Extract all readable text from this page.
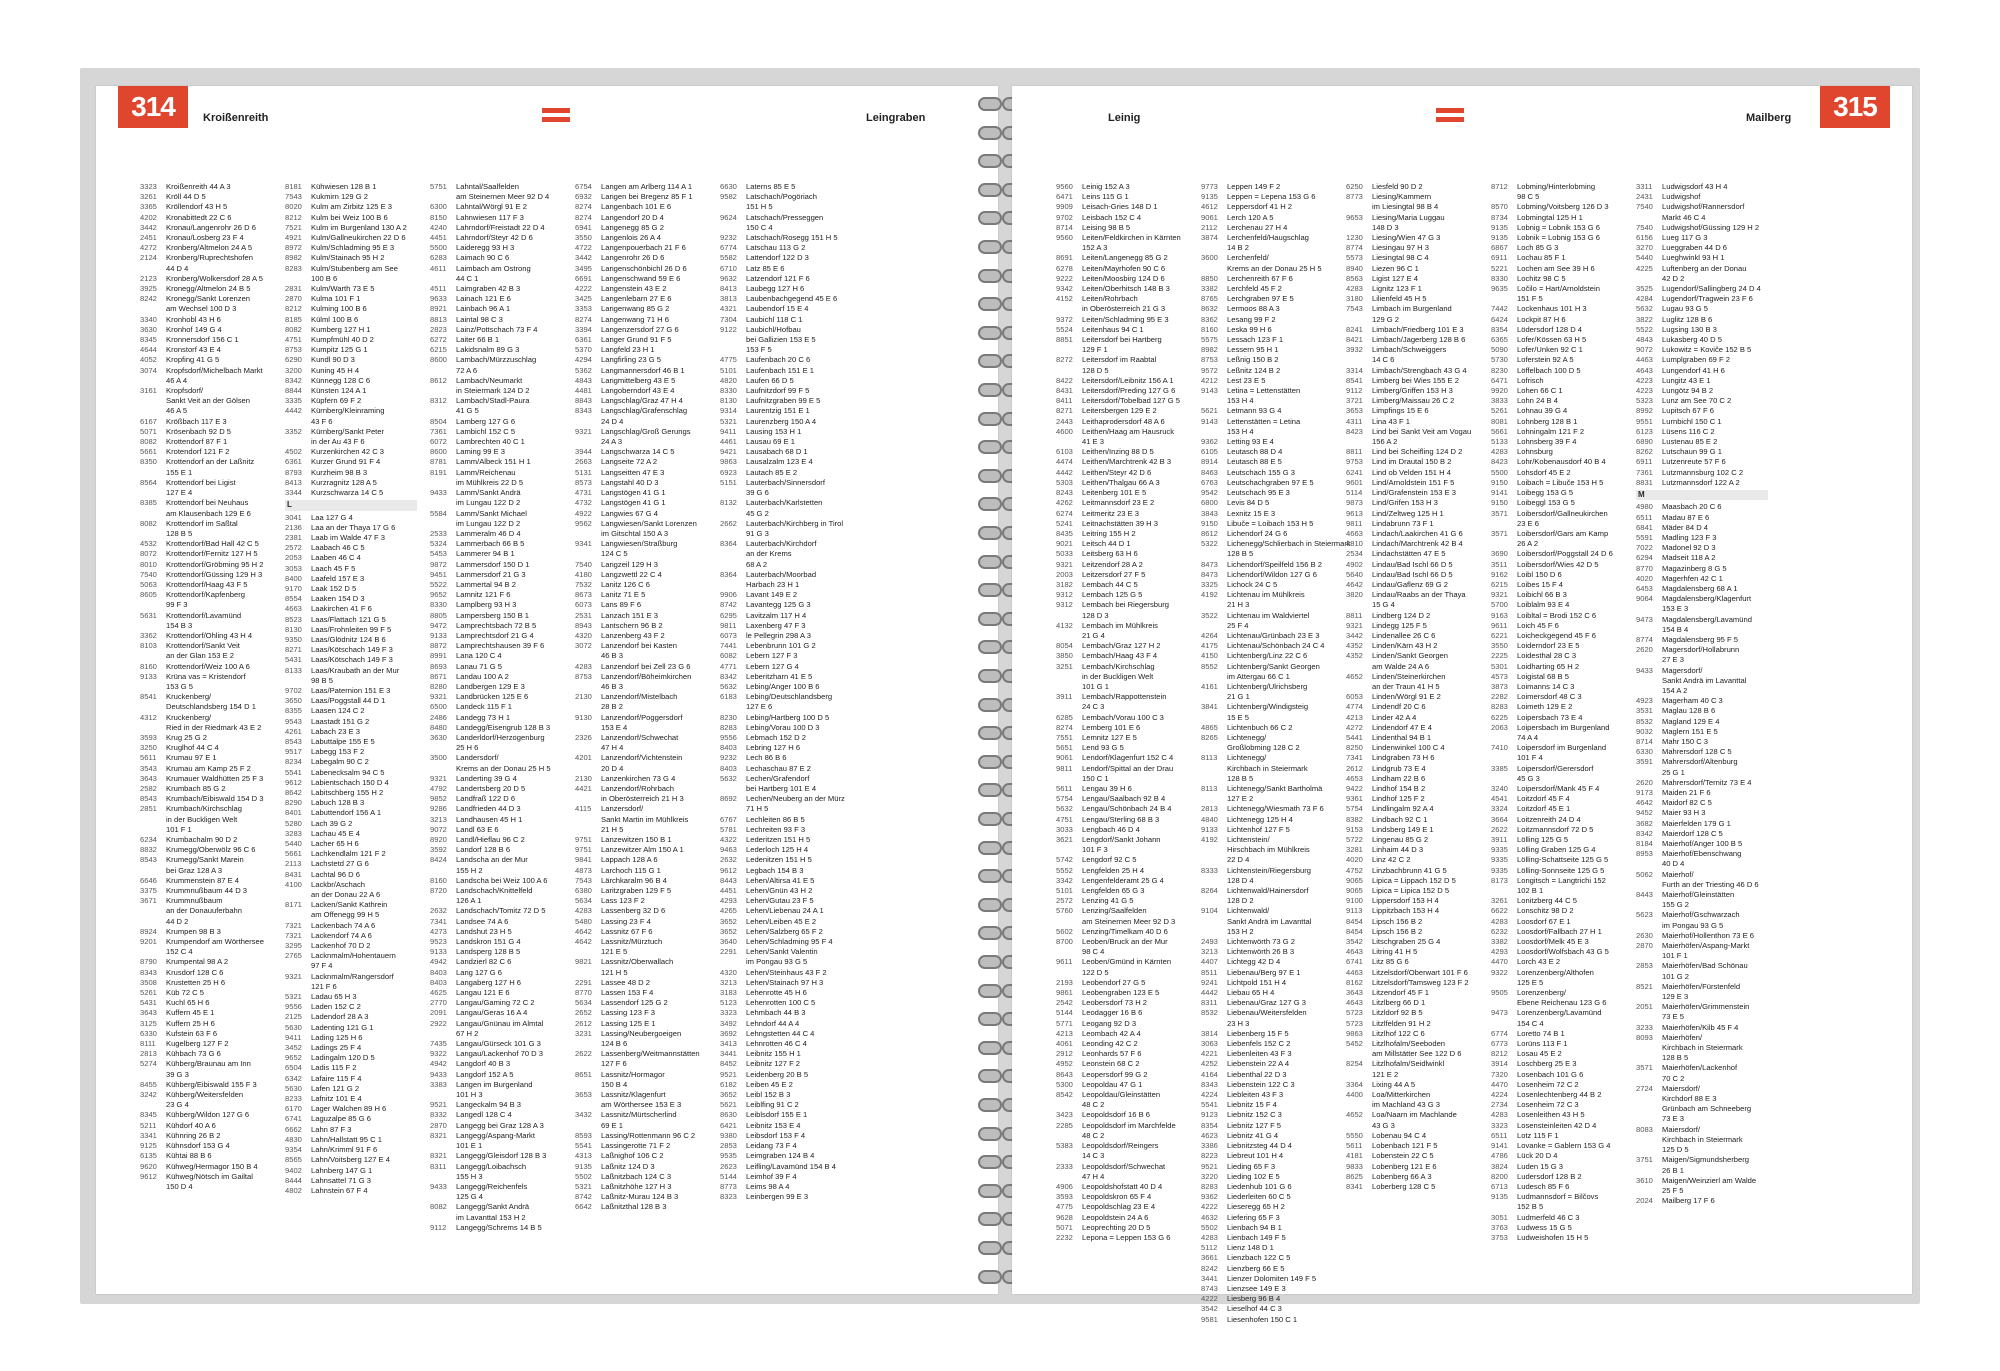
314	Kroißenreith	Leingraben
3323 Kroißenreith 44 A 3
3261 Kröll 44 D 5
3365 Kröllendorf 43 H 5
4202 Kronabittedt 22 C 6
3442 Kronau/Langenrohr 26 D 6
2451 Kronau/Losberg 23 F 4
4272 Kronberg/Altmelon 24 A 5
2124 Kronberg/Ruprechtshofen
44 D 4
2123 Kronberg/Wolkersdorf 28 A 5
3925 Kronegg/Altmelon 24 B 5
8242 Kronegg/Sankt Lorenzen
am Wechsel 100 D 3
3340 Kronhobl 43 H 6
3630 Kronhof 149 G 4
8345 Kronnersdorf 156 C 1
4644 Kronstorf 43 E 4
4052 Kropfing 41 G 5
3074 Kropfsdorf/Michelbach Markt
46 A 4
3161 Kropfsdorf/
Sankt Veit an der Gölsen
46 A 5
6167 Krößbach 117 E 3
5071 Krösenbach 92 D 5
8082 Krottendorf 87 F 1
5661 Krotendorf 121 F 2
8350 Krottendorf an der Laßnitz
155 E 1
8564 Krottendorf bei Ligist
127 E 4
8385 Krottendorf bei Neuhaus
am Klausenbach 129 E 6
8082 Krottendorf im Saßtal
128 B 5
4532 Krottendorf/Bad Hall 42 C 5
8072 Krottendorf/Fernitz 127 H 5
8010 Krottendorf/Gröbming 95 H 2
7540 Krottendorf/Güssing 129 H 3
5063 Krottendorf/Haag 43 F 5
8605 Krottendorf/Kapfenberg
99 F 3
5631 Krottendorf/Lavamünd
154 B 3
3362 Krottendorf/Ohling 43 H 4
8103 Krottendorf/Sankt Veit
an der Glan 153 E 2
8160 Krottendorf/Weiz 100 A 6
9133 Krüna vas = Kristendorf
153 G 5
8541 Kruckenberg/
Deutschlandsberg 154 D 1
4312 Kruckenberg/
Ried in der Riedmark 43 E 2
3593 Krug 25 G 2
3250 Kruglhof 44 C 4
5611 Krumau 97 E 1
3543 Krumau am Kamp 25 F 2
3643 Krumauer Waldhütten 25 F 3
2582 Krumbach 85 G 2
8543 Krumbach/Eibiswald 154 D 3
2851 Krumbach/Kirchschlag
in der Buckligen Welt
101 F 1
6234 Krumbachalm 90 D 2
8832 Krumegg/Oberwölz 96 C 6
8543 Krumegg/Sankt Marein
bei Graz 128 A 3
6646 Krummenstein 87 E 4
3375 Krummnußbaum 44 D 3
3671 Krummnußbaum
an der Donauuferbahn
44 D 2
8924 Krumpen 98 B 3
9201 Krumpendorf am Wörthersee
152 C 4
8790 Krumpental 98 A 2
8343 Krusdorf 128 C 6
3508 Krustetten 25 H 6
5261 Küb 72 C 5
5431 Kuchl 65 H 6
3643 Kuffern 45 E 1
3125 Kuffern 25 H 6
6330 Kufstein 63 F 6
8111 Kugelberg 127 F 2
2813 Kühbach 73 G 6
5274 Kühberg/Braunau am Inn
39 G 3
8455 Kühberg/Eibiswald 155 F 3
3242 Kühberg/Weitersfelden
23 G 4
8345 Kühberg/Wildon 127 G 6
5211 Kühdorf 40 A 6
3341 Kühnring 26 B 2
9125 Kühnsdorf 153 G 4
6135 Kühtai 88 B 6
9620 Kühweg/Hermagor 150 B 4
9612 Kühweg/Nötsch im Gailtal
150 D 4
8181 Kühwiesen 128 B 1
7543 Kukmirn 129 G 2
8020 Kulm am Zirbitz 125 E 3
8212 Kulm bei Weiz 100 B 6
7521 Kulm im Burgenland 130 A 2
4921 Kulm/Gallneukirchen 22 D 6
8972 Kulm/Schladming 95 E 3
8982 Kulm/Stainach 95 H 2
8283 Kulm/Stubenberg am See
100 B 6
2831 Kulm/Warth 73 E 5
2870 Kulma 101 F 1
8212 Kulming 100 B 6
8185 Külml 100 B 6
8082 Kumberg 127 H 1
4751 Kumpfmühl 40 D 2
8753 Kumpitz 125 G 1
6290 Kundl 90 D 3
3200 Kuning 45 H 4
8342 Künnegg 128 C 6
8844 Künsten 124 A 1
3335 Küpfern 69 F 2
4442 Kürnberg/Kleinraming
43 F 6
3352 Kürnberg/Sankt Peter
in der Au 43 F 6
4502 Kurzenkirchen 42 C 3
6361 Kurzer Grund 91 F 4
8793 Kurzheim 98 B 3
8413 Kurzragnitz 128 A 5
3344 Kurzschwarza 14 C 5
L
3041 Laa 127 G 4
2136 Laa an der Thaya 17 G 6
2381 Laab im Walde 47 F 3
2572 Laabach 46 C 5
2053 Laaben 46 C 4
3053 Laach 45 F 5
8400 Laafeld 157 E 3
9170 Laak 152 D 5
8554 Laaken 154 D 3
4663 Laakirchen 41 F 6
8523 Laas/Flattach 121 G 5
8130 Laas/Frohnleiten 99 F 5
9350 Laas/Glödnitz 124 B 6
8271 Laas/Kötschach 149 F 3
5431 Laas/Kötschach 149 F 3
8133 Laas/Kraubath an der Mur
98 B 5
9702 Laas/Paternion 151 E 3
3650 Laas/Poggstall 44 D 1
8355 Laasen 124 C 2
9543 Laastadt 151 G 2
4261 Labach 23 E 3
8543 Labuttalpe 155 E 5
9517 Labegg 153 F 2
8234 Labegalm 90 C 2
5541 Labenecksalm 94 C 5
9612 Labientschach 150 D 4
8642 Labitschberg 155 H 2
8290 Labuch 128 B 3
8401 Labuttendorf 156 A 1
5280 Lach 39 G 2
3283 Lachau 45 E 4
5440 Lacher 65 H 6
5661 Lachkendlalm 121 F 2
2113 Lachstetd 27 G 6
8431 Lachtal 96 D 6
4100 Lackbr/Aschach
an der Donau 22 A 6
8171 Lacken/Sankt Kathrein
am Offenegg 99 H 5
7321 Lackenbach 74 A 6
7321 Lackendorf 74 A 6
3295 Lackenhof 70 D 2
2765 Lacknmalm/Hohentauern
97 F 4
9321 Lacknmalm/Rangersdorf
121 F 6
5321 Ladau 65 H 3
9556 Laden 152 C 2
2125 Ladendorf 28 A 3
5630 Ladenting 121 G 1
9411 Lading 125 H 6
3452 Ladings 25 F 4
9652 Ladingalm 120 D 5
6504 Ladis 115 F 2
6342 Lafaire 115 F 4
5630 Lafen 121 G 2
8233 Lafnitz 101 E 4
6170 Lager Walchen 89 H 6
6741 Laguzalpe 85 G 6
6662 Lahn 87 F 3
4830 Lahn/Hallstatt 95 C 1
9354 Lahn/Krimml 91 F 6
8565 Lahn/Voitsberg 127 E 4
9402 Lahnberg 147 G 1
8444 Lahnsattel 71 G 3
4802 Lahnstein 67 F 4
5751 Lahntal/Saalfelden
am Steinernen Meer 92 D 4
6300 Lahntal/Wörgl 91 E 2
8150 Lahnwiesen 117 F 3
4240 Lahrndorf/Freistadt 22 D 4
4451 Lahrndorf/Steyr 42 D 6
5500 Laideregg 93 H 3
6283 Laimach 90 C 6
4611 Laimbach am Ostrong
44 C 1
4511 Laimgraben 42 B 3
9633 Lainach 121 E 6
8921 Lainbach 96 A 1
8813 Laintal 98 C 3
2823 Lainz/Pottschach 73 F 4
6272 Laiter 66 B 1
6215 Lakidsnalm 89 G 3
8600 Lambach/Mürzzuschlag
72 A 6
8612 Lambach/Neumarkt
in Steiermark 124 D 2
8312 Lambach/Stadl-Paura
41 G 5
8504 Lamberg 127 G 6
7361 Lambichl 152 C 5
6072 Lambrechten 40 C 1
8600 Laming 99 E 3
8781 Lamm/Albeck 151 H 1
8191 Lamm/Reichenau
im Mühlkreis 22 D 5
9433 Lamm/Sankt Andrä
im Lungau 122 D 2
5584 Lamm/Sankt Michael
im Lungau 122 D 2
2533 Lammeralm 46 D 4
5324 Lammerbach 66 B 5
5453 Lammerer 94 B 1
9872 Lammersdorf 150 D 1
9451 Lammersdorf 21 G 3
5522 Lammertal 94 B 2
9652 Lamnitz 121 F 6
8330 Lamplberg 93 H 3
8805 Lampersberg 150 B 1
9472 Lamprechtsbach 72 B 5
9133 Lamprechtsdorf 21 G 4
8872 Lamprechtshausen 39 F 6
8991 Lana 120 C 4
8693 Lanau 71 G 5
8671 Landau 100 A 2
8280 Landbergen 129 E 3
9321 Landbrücken 125 E 6
6500 Landeck 115 F 1
2486 Landegg 73 H 1
8480 Landegg/Eisengrub 128 B 3
3630 Landerldorf/Herzogenburg
25 H 6
3500 Landersdorf/
Krems an der Donau 25 H 5
9321 Landerting 39 G 4
4792 Landertsberg 20 D 5
9852 Landfraß 122 D 6
9286 Landfrieden 44 D 3
3213 Landhausen 45 H 1
9072 Landl 63 E 6
8920 Landl/Hieflau 96 C 2
3592 Landorf 128 B 6
8424 Landscha an der Mur
155 H 2
8160 Landscha bei Weiz 100 A 6
8720 Landschach/Knittelfeld
126 A 1
2632 Landschach/Tomitz 72 D 5
7341 Landsee 74 A 6
4273 Landshut 23 H 5
9523 Landskron 151 G 4
9133 Landsperg 128 B 5
4942 Landzierl 82 C 6
8403 Lang 127 G 6
8403 Langaberg 127 H 6
4625 Langau 121 E 6
2770 Langau/Gaming 72 C 2
2091 Langau/Geras 16 A 4
2922 Langau/Gnünau im Almtal
67 H 2
7435 Langau/Gürseck 101 G 3
9322 Langau/Lackenhof 70 D 3
4942 Langdorf 40 B 3
9433 Langdorf 152 A 5
3383 Langen im Burgenland
101 H 3
9521 Langeckalm 94 B 3
8332 Langedl 128 C 4
2870 Langegg bei Graz 128 A 3
8321 Langegg/Aspang-Markt
101 E 1
8321 Langegg/Gleisdorf 128 B 3
8311 Langegg/Loibachsch
155 H 3
9433 Langegg/Reichenfels
125 G 4
8082 Langegg/Sankt Andrä
im Lavanttal 153 H 2
9112 Langegg/Schrems 14 B 5
6754 Langen am Arlberg 114 A 1
6932 Langen bei Bregenz 85 F 1
8274 Langenbach 101 E 6
8274 Langendorf 20 D 4
6941 Langenegg 85 G 2
3550 Langenlois 26 A 4
4722 Langenpouerbach 21 F 6
3442 Langenrohr 26 D 6
3495 Langenschönbichl 26 D 6
6691 Langenschwand 59 E 6
4222 Langenstein 43 E 2
3425 Langenlebarn 27 E 6
3353 Langenwang 85 G 2
8274 Langenwang 71 H 6
3394 Langenzersdorf 27 G 6
6361 Langer Grund 91 F 5
5370 Langfeld 23 H 1
4294 Langfirling 23 G 5
5362 Langmannersdorf 46 B 1
4843 Langmittelberg 43 E 5
4481 Langoberndorf 43 E 4
8843 Langschlag/Graz 47 H 4
8343 Langschlag/Grafenschlag
24 D 4
9321 Langschlag/Groß Gerungs
24 A 3
3944 Langschwarza 14 C 5
2663 Langseite 72 A 2
5131 Langseitten 47 E 3
8573 Langstahl 40 D 3
4731 Langstögen 41 G 1
4732 Langstögen 41 G 1
4922 Langwies 67 G 4
9562 Langwiesen/Sankt Lorenzen
im Gitschtal 150 A 3
9341 Langwiesen/Straßburg
124 C 5
7540 Langzeil 129 H 3
4180 Langzwettl 22 C 4
7532 Lanitz 126 C 6
8673 Lanitz 71 E 5
6073 Lans 89 F 6
2531 Lanzach 151 E 3
8943 Lantschern 96 B 2
4320 Lanzenberg 43 F 2
3072 Lanzendorf bei Kasten
46 B 3
4283 Lanzendorf bei Zell 23 G 6
8753 Lanzendorf/Böheimkirchen
46 B 3
2130 Lanzendorf/Mistelbach
28 B 2
9130 Lanzendorf/Poggersdorf
153 E 4
2326 Lanzendorf/Schwechat
47 H 4
4201 Lanzendorf/Vichtenstein
20 D 4
2130 Lanzenkirchen 73 G 4
4421 Lanzendorf/Rohrbach
in Oberösterreich 21 H 3
4115 Lanzersdorf/
Sankt Martin im Mühlkreis
21 H 5
9751 Lanzewitzen 150 B 1
9751 Lanzewitzer Alm 150 A 1
9841 Lappach 128 A 6
4873 Larchoch 115 G 1
7543 Lärchkaralm 96 B 4
6380 Laritzgraben 129 F 5
5634 Lass 123 F 2
4283 Lassenberg 32 D 6
5480 Lassing 23 F 4
4642 Lassnitz 67 F 6
4642 Lassnitz/Mürztuch
121 E 5
9821 Lassnitz/Oberwallach
121 H 5
2291 Lassee 48 D 2
8770 Lassen 153 F 4
5634 Lassendorf 125 G 2
2652 Lassing 123 F 3
2612 Lassing 125 E 1
3231 Lassing/Neubergoeigen
124 B 6
2622 Lassenberg/Weitmannstätten
127 F 6
8651 Lassnitz/Hormagor
150 B 4
3653 Lassnitz/Klagenfurt
am Wörthersee 153 E 3
3432 Lassnitz/Mürtscherlind
69 E 1
8593 Lassing/Rottenmann 96 C 2
5541 Lassingerotte 71 F 2
4313 Laßnighof 106 C 2
9135 Laßnitz 124 D 3
5502 Laßnitzbach 124 C 3
5321 Laßnitzhöhe 127 H 3
8742 Laßnitz-Murau 124 B 3
6642 Laßnitzthal 128 B 3
6630 Laterns 85 E 5
9582 Latschach/Pogöriach
151 H 5
9624 Latschach/Presseggen
150 C 4
9232 Latschach/Rosegg 151 H 5
6774 Latschau 113 G 2
5582 Lattendorf 122 D 3
6710 Latz 85 E 6
9632 Latzendorf 121 F 6
8413 Laubegg 127 H 6
3813 Laubenbachgegend 45 E 6
4321 Laubendorf 15 E 4
7304 Laubichl 118 C 1
9122 Laubichl/Hofbau
bei Gallizien 153 E 5
153 F 5
4775 Laufenbach 20 C 6
5101 Laufenbach 151 E 1
4820 Laufen 66 D 5
8330 Laufnitzdorf 99 F 5
8130 Laufnitzgraben 99 E 5
9314 Laurentzig 151 E 1
5321 Laurenzberg 150 A 4
9411 Lausing 153 H 1
4461 Lausau 69 E 1
9421 Lausabach 68 D 1
9863 Lausalzalm 123 E 4
6923 Lautach 85 E 2
5151 Lauterbach/Sinnersdorf
39 G 6
8132 Lauterbach/Karlstetten
45 G 2
2662 Lauterbach/Kirchberg in Tirol
91 G 3
8364 Lauterbach/Kirchdorf
an der Krems
68 A 2
8364 Lauterbach/Moorbad
Harbach 23 H 1
9906 Lavant 149 E 2
8742 Lavantegg 125 G 3
6295 Lavitzalm 117 H 4
9811 Laxenberg 47 F 3
6073 le Pellegrin 298 A 3
7441 Lebenbrunn 101 G 2
6082 Lebern 127 F 3
4771 Lebern 127 G 4
8342 Leberitzharn 41 E 5
5632 Lebing/Anger 100 B 6
6183 Lebing/Deutschlandsberg
127 E 6
8230 Lebing/Hartberg 100 D 5
8283 Lebing/Vorau 100 D 3
9556 Lebmach 152 D 2
8403 Lebring 127 H 6
9232 Lech 86 B 6
8403 Lechaschau 87 E 2
5632 Lechen/Grafendorf
bei Hartberg 101 E 4
8692 Lechen/Neuberg an der Mürz
71 H 5
6767 Lechleiten 86 B 5
5781 Lechreiten 93 F 3
4322 Lederitzen 151 H 5
9463 Lederloch 125 H 4
2632 Ledenitzen 151 H 5
9612 Legbach 154 B 3
8443 Lehen/Altirsa 41 E 5
4451 Lehen/Gnün 43 H 2
4293 Lehen/Gutau 23 F 5
4265 Lehen/Liebenau 24 A 1
3652 Lehen/Leiben 45 E 2
3652 Lehen/Salzberg 65 F 2
3640 Lehen/Schladming 95 F 4
2291 Lehen/Sankt Valentin
im Pongau 93 G 5
4320 Lehen/Steinhaus 43 F 2
3213 Lehen/Stainach 97 H 3
3183 Lehenrotte 45 H 6
5123 Lehenrotten 100 C 5
3323 Lehmbach 44 B 3
3492 Lehndorf 44 A 4
3692 Lehngstetten 44 C 4
3413 Lehnrotten 46 C 4
3441 Leibnitz 155 H 1
8452 Leibnitz 127 F 2
9521 Leidenberg 20 B 5
6182 Leiben 45 E 2
3652 Leibl 152 B 3
5621 Leiblfing 91 C 2
8630 Leiblsdorf 155 E 1
6421 Leibnitz 153 E 4
9380 Leibsdorf 153 F 4
2853 Leidang 73 F 4
9535 Leimgraben 124 B 4
2623 Leifling/Lavamünd 154 B 4
5144 Leimhof 39 F 4
8773 Leims 98 A 4
8323 Leinbergen 99 E 3
Leinig	Mailberg	315
9560 Leinig 152 A 3
6471 Leins 115 G 1
9909 Leisach-Gries 148 D 1
9702 Leisbach 152 C 4
8714 Leising 98 B 5
9560 Leiten/Feldkirchen in Kärnten
152 A 3
8691 Leiten/Langenegg 85 G 2
6278 Leiten/Mayrhofen 90 C 6
9222 Leiten/Moosbirg 124 D 6
9342 Leiten/Oberhitsch 148 B 3
4152 Leiten/Rohrbach
in Oberösterreich 21 G 3
9372 Leiten/Schladming 95 E 3
5524 Leitenhaus 94 C 1
8851 Leitersdorf bei Hartberg
129 F 1
8272 Leitersdorf im Raabtal
128 D 5
8422 Leitersdorf/Leibnitz 156 A 1
8431 Leitersdorf/Preding 127 G 6
8411 Leitersdorf/Tobelbad 127 G 5
8271 Leitersbergen 129 E 2
2443 Leithaprodersdorf 48 A 6
4600 Leithen/Haag am Hausruck
41 E 3
6103 Leithen/Inzing 88 D 5
4474 Leithen/Marchtrenk 42 B 3
4442 Leithen/Steyr 42 D 6
5303 Leithen/Thalgau 66 A 3
8243 Leitenberg 101 E 5
4262 Leitmannsdorf 23 E 2
6274 Leitmeritz 23 E 3
5241 Leitnachstätten 39 H 3
8435 Leitring 155 H 2
9021 Leitsch 44 D 1
5033 Leitsberg 63 H 6
9321 Leitzendorf 28 A 2
2003 Leitzersdorf 27 F 5
3182 Lembach 44 C 5
9312 Lembach 125 G 5
9312 Lembach bei Riegersburg
128 D 3
4132 Lembach im Mühlkreis
21 G 4
8054 Lembach/Graz 127 H 2
3850 Lembach/Haag 43 F 4
3251 Lembach/Kirchschlag
in der Buckligen Welt
101 G 1
3911 Lembach/Rappottenstein
24 C 3
6285 Lembach/Vorau 100 C 3
8274 Lemberg 101 E 6
7551 Lemnitz 127 E 5
5651 Lend 93 G 5
9061 Lendorf/Klagenfurt 152 C 4
9811 Lendorf/Spittal an der Drau
150 C 1
5611 Lengau 39 H 6
5754 Lengau/Saalbach 92 B 4
5632 Lengau/Schönbach 24 B 4
4751 Lengau/Sterling 68 B 3
3033 Lengbach 46 D 4
3621 Lengdorf/Sankt Johann
101 F 3
5742 Lengdorf 92 C 5
5552 Lengfelden 25 H 4
3342 Lengenfelderamt 25 G 4
5101 Lengfelden 65 G 3
2572 Lenzing 41 G 5
5760 Lenzing/Saalfelden
am Steinernen Meer 92 D 3
5602 Lenzing/Timelkam 40 D 6
8700 Leoben/Bruck an der Mur
98 C 4
9611 Leoben/Gmünd in Kärnten
122 D 5
2193 Leobendorf 27 G 5
9861 Leobengraben 123 E 5
2542 Leobersdorf 73 H 2
5144 Leodagger 16 B 6
5771 Leogang 92 D 3
4213 Leombach 42 A 4
4061 Leonding 42 C 2
2912 Leonhards 57 F 6
4952 Leonstein 68 C 2
8643 Leopersdorf 99 G 2
5300 Leopoldau 47 G 1
8542 Leopoldau/Gleinstätten
48 C 2
3423 Leopoldsdorf 16 B 6
2285 Leopoldsdorf im Marchfelde
48 C 2
5383 Leopoldsdorf/Reingers
14 C 3
2333 Leopoldsdorf/Schwechat
47 H 4
4906 Leopoldshofstatt 40 D 4
3593 Leopoldskron 65 F 4
4775 Leopoldschlag 23 E 4
9628 Leopoldstein 24 A 6
5071 Leoprechting 20 D 5
2232 Lepona = Leppen 153 G 6
9773 Leppen 149 F 2
9135 Leppen = Lepena 153 G 6
4612 Leppersdorf 41 H 2
9061 Lerch 120 A 5
2112 Lerchenau 27 H 4
3874 Lerchenfeld/Haugschlag
14 B 2
3600 Lerchenfeld/
Krems an der Donau 25 H 5
8850 Lerchenreith 67 F 6
3382 Lerchfeld 45 F 2
8765 Lerchgraben 97 E 5
8632 Lermoos 88 A 3
8362 Lesang 99 F 2
8160 Leska 99 H 6
5575 Lessach 123 F 1
8982 Lessern 95 H 1
8753 Leßnig 150 B 2
9572 Leßnitz 124 B 2
4212 Lest 23 E 5
9143 Letina = Lettenstätten
153 H 4
5621 Letmann 93 G 4
9143 Lettenstätten = Letina
153 H 4
9362 Letting 93 E 4
6105 Leutasch 88 D 4
8914 Leutasch 88 E 5
8463 Leutschach 155 G 3
6763 Leutschachgraben 97 E 5
9542 Leutschach 95 E 3
6800 Levis 84 D 5
3843 Lexnitz 15 E 3
9150 Libuče = Loibach 153 H 5
8612 Lichendorf 24 G 6
5322 Lichenegg/Schlierbach in Steiermark
128 B 5
8473 Lichendorf/Speilfeld 156 B 2
8473 Lichendorf/Wildon 127 G 6
3325 Lichock 24 C 5
4192 Lichtenau im Mühlkreis
21 H 3
3522 Lichtenau im Waldviertel
25 F 4
4264 Lichtenau/Grünbach 23 E 3
4175 Lichtenau/Schönbach 24 C 4
4150 Lichtenberg/Linz 22 C 6
8552 Lichtenberg/Sankt Georgen
im Attergau 66 C 1
4161 Lichtenberg/Ulrichsberg
21 G 1
3841 Lichtenberg/Windigsteig
15 E 5
4865 Lichtenbuch 66 C 2
8265 Lichtenegg/
Großlobming 128 C 2
8113 Lichtenegg/
Kirchbach in Steiermark
128 B 5
8113 Lichtenegg/Sankt Bartholmä
127 E 2
2813 Lichtenegg/Wiesmath 73 F 6
4840 Lichtenegg 125 H 4
9133 Lichtenhof 127 F 5
4192 Lichtenstein/
Hirschbach im Mühlkreis
22 D 4
8333 Lichtenstein/Riegersburg
128 D 4
8264 Lichtenwald/Hainersdorf
128 D 2
9104 Lichtenwald/
Sankt Andrä im Lavanttal
153 H 2
2493 Lichtenwörth 73 G 2
3213 Lichtenwörth 26 B 3
4407 Lichtegg 42 D 4
8511 Liebenau/Berg 97 E 1
9241 Lichtpold 151 H 4
4442 Liebau 65 H 4
8311 Liebenau/Graz 127 G 3
8532 Liebenau/Weitersfelden
23 H 3
3814 Liebenberg 15 F 5
3063 Liebenfels 152 C 2
4221 Liebenleiten 43 F 3
4252 Liebenstein 22 A 4
4164 Liebenthal 22 D 3
8343 Liebenstein 122 C 3
4224 Liebleiten 43 F 3
5541 Liebnitz 15 F 4
9123 Liebnitz 152 C 3
8354 Liebnitz 127 F 5
4623 Liebnitz 41 G 4
3386 Liebnitzsteg 44 D 4
8223 Liebreut 101 H 4
9521 Lieding 65 F 3
3220 Lieding 102 E 5
8283 Liedenhub 101 G 6
9362 Liederleiten 60 C 5
4222 Lieseregg 65 H 2
4632 Liefering 65 F 3
5502 Lienbach 94 B 1
4283 Lienbach 149 F 5
5112 Lienz 148 D 1
3661 Lienzbach 122 C 5
8242 Lienzberg 66 E 5
3441 Lienzer Dolomiten 149 F 5
8743 Lienzsee 149 E 3
4222 Liesberg 96 B 4
3542 Lieselhof 44 C 3
9581 Liesenhofen 150 C 1
6250 Liesfeld 90 D 2
8773 Liesing/Kammern
im Liesingtal 98 B 4
9653 Liesing/Maria Luggau
148 D 3
1230 Liesing/Wien 47 G 3
8774 Liesingau 97 H 3
5573 Liesingtal 98 C 4
8940 Liezen 96 C 1
8563 Ligist 127 E 4
4283 Lignitz 123 F 1
3180 Lilienfeld 45 H 5
7543 Limbach im Burgenland
129 G 2
8241 Limbach/Friedberg 101 E 3
8421 Limbach/Jagerberg 128 B 6
3932 Limbach/Schweiggers
14 C 6
3314 Limbach/Strengbach 43 G 4
8541 Limberg bei Wies 155 E 2
9112 Limberg/Griffen 153 H 3
3721 Limberg/Maissau 26 C 2
3653 Limpfings 15 E 6
4311 Lina 43 F 1
8423 Lind bei Sankt Veit am Vogau
156 A 2
8811 Lind bei Scheifling 124 D 2
9753 Lind im Drautal 150 B 2
6241 Lind ob Velden 151 H 4
9601 Lind/Arnoldstein 151 F 5
5114 Lind/Grafenstein 153 E 3
9873 Lind/Grifen 153 H 3
9613 Lind/Zeltweg 125 H 1
9811 Lindabrunn 73 F 1
4663 Lindach/Laakirchen 41 G 6
4810 Lindach/Marchtrenk 42 B 4
2534 Lindachstätten 47 E 5
4902 Lindau/Bad Ischl 66 D 5
5640 Lindau/Bad Ischl 66 D 5
4642 Lindau/Gaflenz 69 G 2
3820 Lindau/Raabs an der Thaya
15 G 4
8811 Lindberg 124 D 2
9321 Lindegg 125 F 5
3442 Lindenallee 26 C 6
4352 Linden/Kärn 43 H 2
4352 Linden/Sankt Georgen
am Walde 24 A 6
4652 Linden/Steinerkirchen
an der Traun 41 H 5
6053 Linden/Wörgl 91 E 2
4774 Lindendf 20 C 6
4213 Linder 42 A 4
4272 Lindendorf 47 E 4
5441 Lindenthal 94 B 1
8250 Lindenwinkel 100 C 4
7341 Lindgraben 73 H 6
2612 Lindgrub 73 E 4
4653 Lindham 22 B 6
9422 Lindhof 154 B 2
9361 Lindhof 125 F 2
5754 Lindlingalm 92 A 4
8382 Lindbach 92 C 1
9153 Lindsberg 149 E 1
5722 Lingenau 85 G 2
3281 Linhaim 44 D 3
4020 Linz 42 C 2
4752 Linzbachbrunn 41 G 5
9065 Lipica = Lippach 152 D 5
9065 Lipica = Lipica 152 D 5
9100 Lippersdorf 153 H 4
9113 Lippitzbach 153 H 4
8454 Lipsch 156 B 2
8454 Lipsch 156 B 2
3542 Litschgraben 25 G 4
4643 Litring 41 H 5
6741 Litz 85 G 6
4463 Litzelsdorf/Oberwart 101 F 6
8162 Litzelsdorf/Tamsweg 123 F 2
3643 Litzendorf 45 F 1
4643 Litzlberg 66 D 1
5723 Litzldorf 92 B 5
5723 Litzlfelden 91 H 2
9863 Litzlhof 122 C 6
5452 Litzlhofalm/Seeboden
am Millstätter See 122 D 6
8254 Litzlhofalm/Seidlwinkl
121 E 2
3364 Lixing 44 A 5
4400 Loa/Mitterkirchen
im Machland 43 G 3
4652 Loa/Naarn im Machlande
43 G 3
5550 Lobenau 94 C 4
5611 Lobenbach 121 F 5
4181 Lobenstein 22 C 5
9833 Lobenberg 121 E 6
8625 Lobenberg 66 A 3
8341 Loberberg 128 C 5
8712 Lobming/Hinterlobming
98 C 5
8570 Lobming/Voitsberg 126 D 3
8734 Lobmingtal 125 H 1
9135 Lobnig = Lobnik 153 G 6
9135 Lobnik = Lobnig 153 G 6
6867 Loch 85 G 3
6911 Lochau 85 F 1
5221 Lochen am See 39 H 6
8330 Lochitz 98 C 5
9635 Ločilo = Hart/Arnoldstein
151 F 5
7442 Lockenhaus 101 H 3
6424 Lockpit 87 H 6
8354 Lödersdorf 128 D 4
6365 Lofer/Kössen 63 H 5
5090 Lofer/Unken 92 C 1
5730 Loferstein 92 A 5
8230 Löffelbach 100 D 5
6471 Lofrisch
9920 Lohen 66 C 1
3833 Lohn 24 B 4
5261 Lohnau 39 G 4
8081 Lohnberg 128 B 1
5661 Lohningalm 121 F 2
5133 Lohnsberg 39 F 4
4283 Lohnsburg
8423 Lohr/Kobenausdorf 40 B 4
5500 Lohsdorf 45 E 2
9150 Loibach = Libuče 153 H 5
9141 Loibegg 153 G 5
9150 Loibeggl 153 G 5
3571 Loibersdorf/Gallneukirchen
23 E 6
3571 Loibersdorf/Gars am Kamp
26 A 2
3690 Loibersdorf/Poggstall 24 D 6
3511 Loibersdorf/Wies 42 D 5
9162 Loibl 150 D 6
6215 Loibes 15 F 4
9321 Loibichl 66 B 3
5700 Loiblalm 93 E 4
9163 Loibltal = Brodi 152 C 6
9611 Loich 45 F 6
6221 Loicheckgegend 45 F 6
3550 Loiderndorf 23 E 5
2225 Loidesthal 28 C 3
5301 Loidharting 65 H 2
4573 Loigistal 68 B 5
3873 Loimanns 14 C 3
2282 Loimersdorf 48 C 3
8283 Loimeth 129 E 2
6225 Loipersbach 73 E 4
2063 Loipersbach im Burgenland
74 A 4
7410 Loipersdorf im Burgenland
101 F 4
3385 Loipersdorf/Gerersdorf
45 G 3
3240 Loipersdorf/Mank 45 F 4
4541 Loitzdorf 45 F 4
3324 Loitzdorf 45 E 1
3664 Loitzenreith 24 D 4
2622 Loitzmannsdorf 72 D 5
3911 Lölling 125 G 5
9335 Lölling Graben 125 G 4
9335 Lölling-Schattseite 125 G 5
9335 Lölling-Sonnseite 125 G 5
8173 Longitsch = Langtrichi 152
102 B 1
3261 Lonitzberg 44 C 5
6622 Lonschitz 98 D 2
4283 Loosdorf 67 E 1
6232 Loosdorf/Fallbach 27 H 1
3382 Loosdorf/Melk 45 E 3
4293 Loosdorf/Wolfsbach 43 G 5
4470 Lorch 43 E 2
9322 Lorenzenberg/Althofen
125 E 5
9505 Lorenzenberg/
Ebene Reichenau 123 G 6
9473 Lorenzenberg/Lavamünd
154 C 4
6774 Loretto 74 B 1
6773 Lorüns 113 F 1
8212 Losau 45 E 2
3914 Loschberg 25 E 3
7320 Losenbach 101 G 6
4470 Losenheim 72 C 2
4224 Losenlechtenberg 44 B 2
2734 Losenheim 72 C 3
4283 Losenleithen 43 H 5
3323 Losensteinleiten 42 D 4
6511 Lotz 115 F 1
9141 Lovanke = Gablern 153 G 4
4786 Lück 20 D 4
3824 Luden 15 G 3
8200 Ludersdorf 128 B 2
6713 Ludesch 85 F 6
9135 Ludmannsdorf = Bilčovs
152 B 5
3051 Ludmerfeld 46 C 3
3763 Ludwess 15 G 5
3753 Ludweishofen 15 H 5
3311 Ludwigsdorf 43 H 4
2431 Ludwigshof
7540 Ludwigshof/Rannersdorf
Markt 46 C 4
7540 Ludwigshof/Güssing 129 H 2
6156 Lueg 117 G 3
3270 Lueggraben 44 D 6
5440 Lueghwinkl 93 H 1
4225 Luftenberg an der Donau
42 D 2
3525 Lugendorf/Sallingberg 24 D 4
4284 Lugendorf/Tragwein 23 F 6
5632 Lugau 93 G 5
3822 Luglitz 128 B 6
5522 Lugsing 130 B 3
4843 Lukasberg 40 D 5
9072 Lukowitz = Koviče 152 B 5
4463 Lumplgraben 69 F 2
4643 Lungendorf 41 H 6
4223 Lungitz 43 E 1
4223 Lungötz 94 B 2
5323 Lunz am See 70 C 2
8992 Lupitsch 67 F 6
9551 Lurnbichl 150 C 1
6123 Lüsens 116 C 2
6890 Lustenau 85 E 2
8262 Lutschaun 99 G 1
6911 Lutzenreute 57 F 6
7361 Lutzmannsburg 102 C 2
8831 Lutzmannsdorf 122 A 2
M
4980 Maasbach 20 C 6
6511 Madau 87 E 6
6841 Mäder 84 D 4
5591 Madling 123 F 3
7022 Madonel 92 D 3
6294 Madseit 118 A 2
8770 Magazinberg 8 G 5
4020 Magerhfen 42 C 1
6453 Magdalensberg 68 A 1
9064 Magdalensberg/Klagenfurt
153 E 3
9473 Magdalensberg/Lavamünd
154 B 4
8774 Magdalensberg 95 F 5
2620 Magersdorf/Hollabrunn
27 E 3
9433 Magersdorf/
Sankt Andrä im Lavanttal
154 A 2
4923 Magerham 40 C 3
3531 Maglau 128 B 6
8532 Magland 129 E 4
9032 Maglern 151 E 5
8714 Mahr 150 C 3
6330 Mahrersdorf 128 C 5
3591 Mahrersdorf/Altenburg
25 G 1
2620 Mahrersdorf/Ternitz 73 E 4
9173 Maiden 21 F 6
4642 Maidorf 82 C 5
9452 Maier 93 H 3
3682 Maierfelden 179 G 1
8342 Maierdorf 128 C 5
8184 Maierhof/Anger 100 B 5
8953 Maierhof/Ebenschwang
40 D 4
5062 Maierhof/
Furth an der Triesting 46 D 6
8443 Maierhof/Gleinstätten
155 G 2
5623 Maierhof/Gschwarzach
im Pongau 93 G 5
2630 Maierhof/Hollenthon 73 E 6
2870 Maierhöfen/Aspang-Markt
101 F 1
2853 Maierhöfen/Bad Schönau
101 G 2
8521 Maierhöfen/Fürstenfeld
129 E 3
2051 Maierhöfen/Grimmenstein
73 E 5
3233 Maierhöfen/Kilb 45 F 4
8093 Maierhöfen/
Kirchbach in Steiermark
128 B 5
3571 Maierhöfen/Lackenhof
70 C 2
2724 Maiersdorf/
Kirchdorf 88 E 3
Grünbach am Schneeberg
73 E 3
8083 Maiersdorf/
Kirchbach in Steiermark
125 D 5
3751 Maigen/Sigmundsherberg
26 B 1
3610 Maigen/Weinzierl am Walde
25 F 5
2024 Mailberg 17 F 6
